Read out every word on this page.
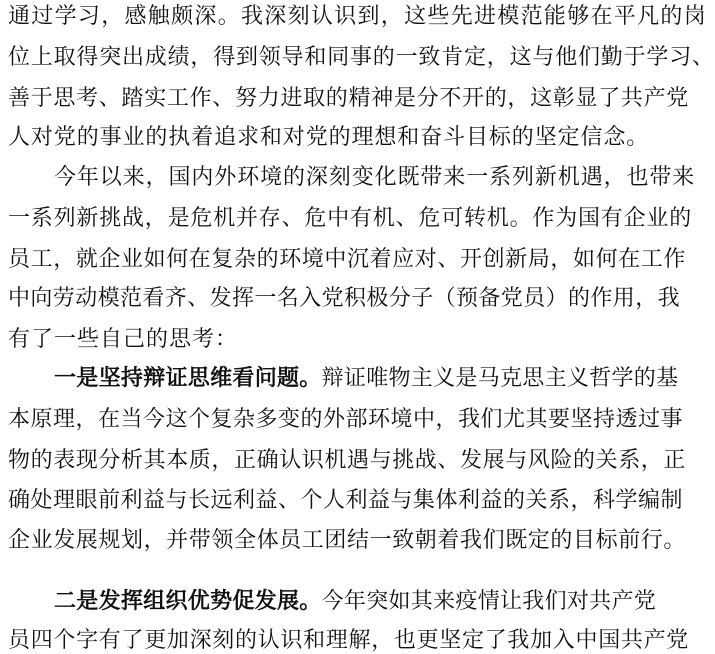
通过学习，感触颇深。我深刻认识到，这些先进模范能够在平凡的岗
位上取得突出成绩，得到领导和同事的一致肯定，这与他们勤于学习、
善于思考、踏实工作、努力进取的精神是分不开的，这彰显了共产党
人对党的事业的执着追求和对党的理想和奋斗目标的坚定信念。
今年以来，国内外环境的深刻变化既带来一系列新机遇，也带来
一系列新挑战，是危机并存、危中有机、危可转机。作为国有企业的
员工，就企业如何在复杂的环境中沉着应对、开创新局，如何在工作
中向劳动模范看齐、发挥一名入党积极分子（预备党员）的作用，我
有了一些自己的思考：
一是坚持辩证思维看问题。辩证唯物主义是马克思主义哲学的基
本原理，在当今这个复杂多变的外部环境中，我们尤其要坚持透过事
物的表现分析其本质，正确认识机遇与挑战、发展与风险的关系，正
确处理眼前利益与长远利益、个人利益与集体利益的关系，科学编制
企业发展规划，并带领全体员工团结一致朝着我们既定的目标前行。
二是发挥组织优势促发展。今年突如其来疫情让我们对共产党
员四个字有了更加深刻的认识和理解，也更坚定了我加入中国共产党
